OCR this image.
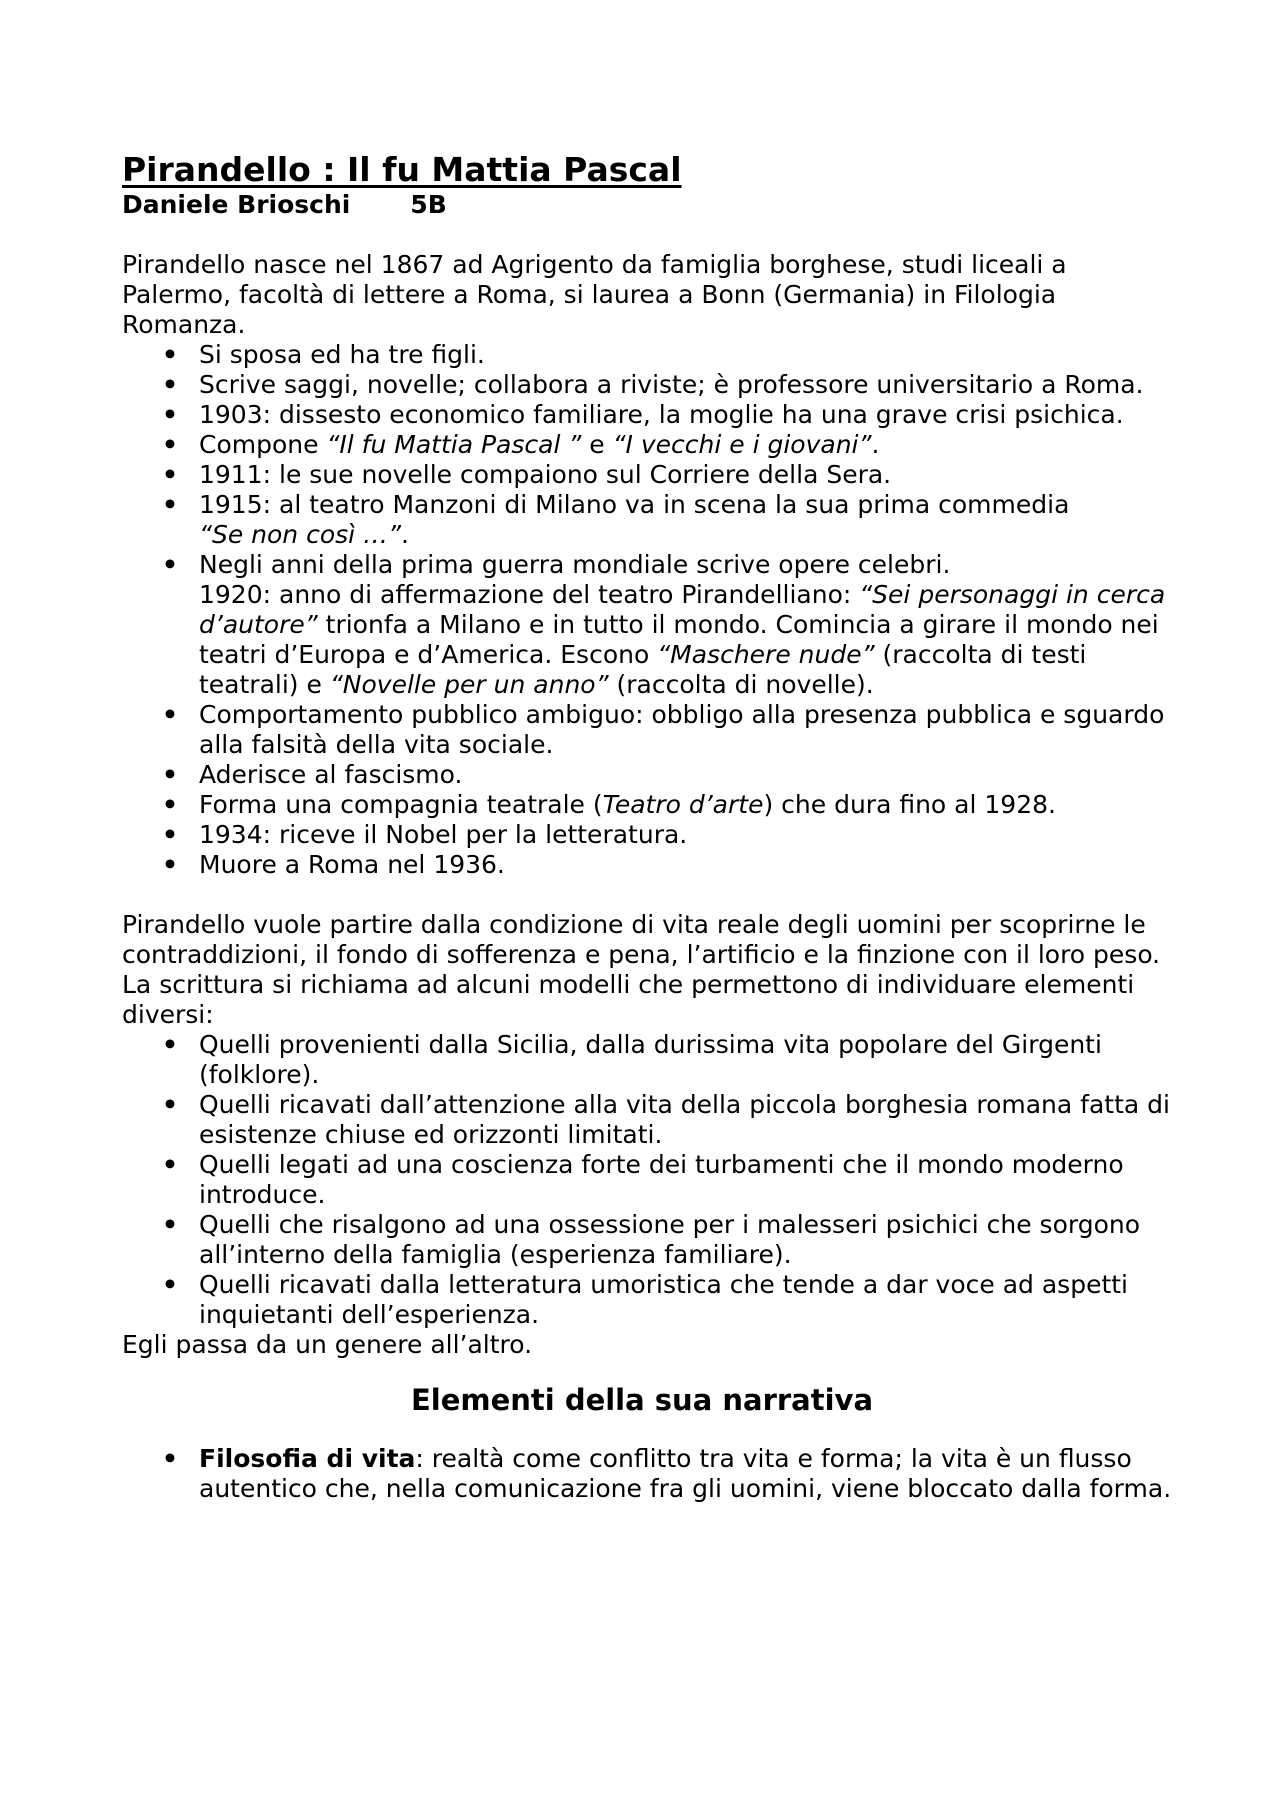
Pirandello : Il fu Mattia Pascal
Daniele Brioschi 5B

Pirandello nasce nel 1867 ad Agrigento da famiglia borghese, studi liceali a Palermo, facoltà di lettere a Roma, si laurea a Bonn (Germania) in Filologia Romanza.

• Si sposa ed ha tre figli.
• Scrive saggi, novelle; collabora a riviste; è professore universitario a Roma.
• 1903: dissesto economico familiare, la moglie ha una grave crisi psichica.
• Compone “Il fu Mattia Pascal ” e “I vecchi e i giovani”.
• 1911: le sue novelle compaiono sul Corriere della Sera.
• 1915: al teatro Manzoni di Milano va in scena la sua prima commedia
“Se non così …”.
• Negli anni della prima guerra mondiale scrive opere celebri.
1920: anno di affermazione del teatro Pirandelliano: “Sei personaggi in cerca d’autore” trionfa a Milano e in tutto il mondo. Comincia a girare il mondo nei teatri d’Europa e d’America. Escono “Maschere nude” (raccolta di testi teatrali) e “Novelle per un anno” (raccolta di novelle).
• Comportamento pubblico ambiguo: obbligo alla presenza pubblica e sguardo alla falsità della vita sociale.
• Aderisce al fascismo.
• Forma una compagnia teatrale (Teatro d’arte) che dura fino al 1928.
• 1934: riceve il Nobel per la letteratura.
• Muore a Roma nel 1936.

Pirandello vuole partire dalla condizione di vita reale degli uomini per scoprirne le contraddizioni, il fondo di sofferenza e pena, l’artificio e la finzione con il loro peso.

La scrittura si richiama ad alcuni modelli che permettono di individuare elementi diversi:

• Quelli provenienti dalla Sicilia, dalla durissima vita popolare del Girgenti (folklore).
• Quelli ricavati dall’attenzione alla vita della piccola borghesia romana fatta di esistenze chiuse ed orizzonti limitati.
• Quelli legati ad una coscienza forte dei turbamenti che il mondo moderno introduce.
• Quelli che risalgono ad una ossessione per i malesseri psichici che sorgono all’interno della famiglia (esperienza familiare).
• Quelli ricavati dalla letteratura umoristica che tende a dar voce ad aspetti inquietanti dell’esperienza.

Egli passa da un genere all’altro.

Elementi della sua narrativa
• Filosofia di vita: realtà come conflitto tra vita e forma; la vita è un flusso autentico che, nella comunicazione fra gli uomini, viene bloccato dalla forma.
